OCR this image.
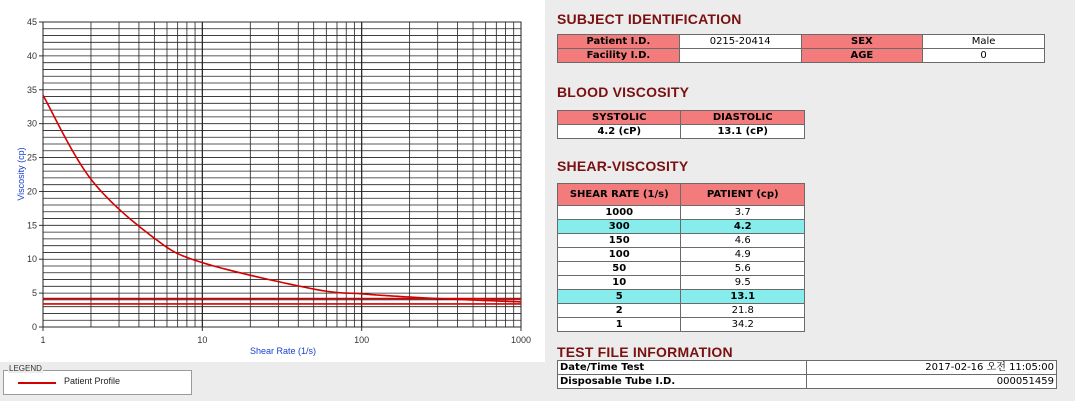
0
5
10
15
20
25
30
35
40
45
1	10	100	1000
Shear Rate (1/s)
Viscosity (cp)
LEGEND
Patient Profile
SUBJECT IDENTIFICATION
Patient I.D.	0215-20414	SEX	Male
Facility I.D.		AGE	0
BLOOD VISCOSITY
SYSTOLIC	DIASTOLIC
4.2 (cP)	13.1 (cP)
SHEAR-VISCOSITY
SHEAR RATE (1/s)	PATIENT (cp)
1000	3.7
300	4.2
150	4.6
100	4.9
50	5.6
10	9.5
5	13.1
2	21.8
1	34.2
TEST FILE INFORMATION
Date/Time Test	2017-02-16 오전 11:05:00
Disposable Tube I.D.	000051459
